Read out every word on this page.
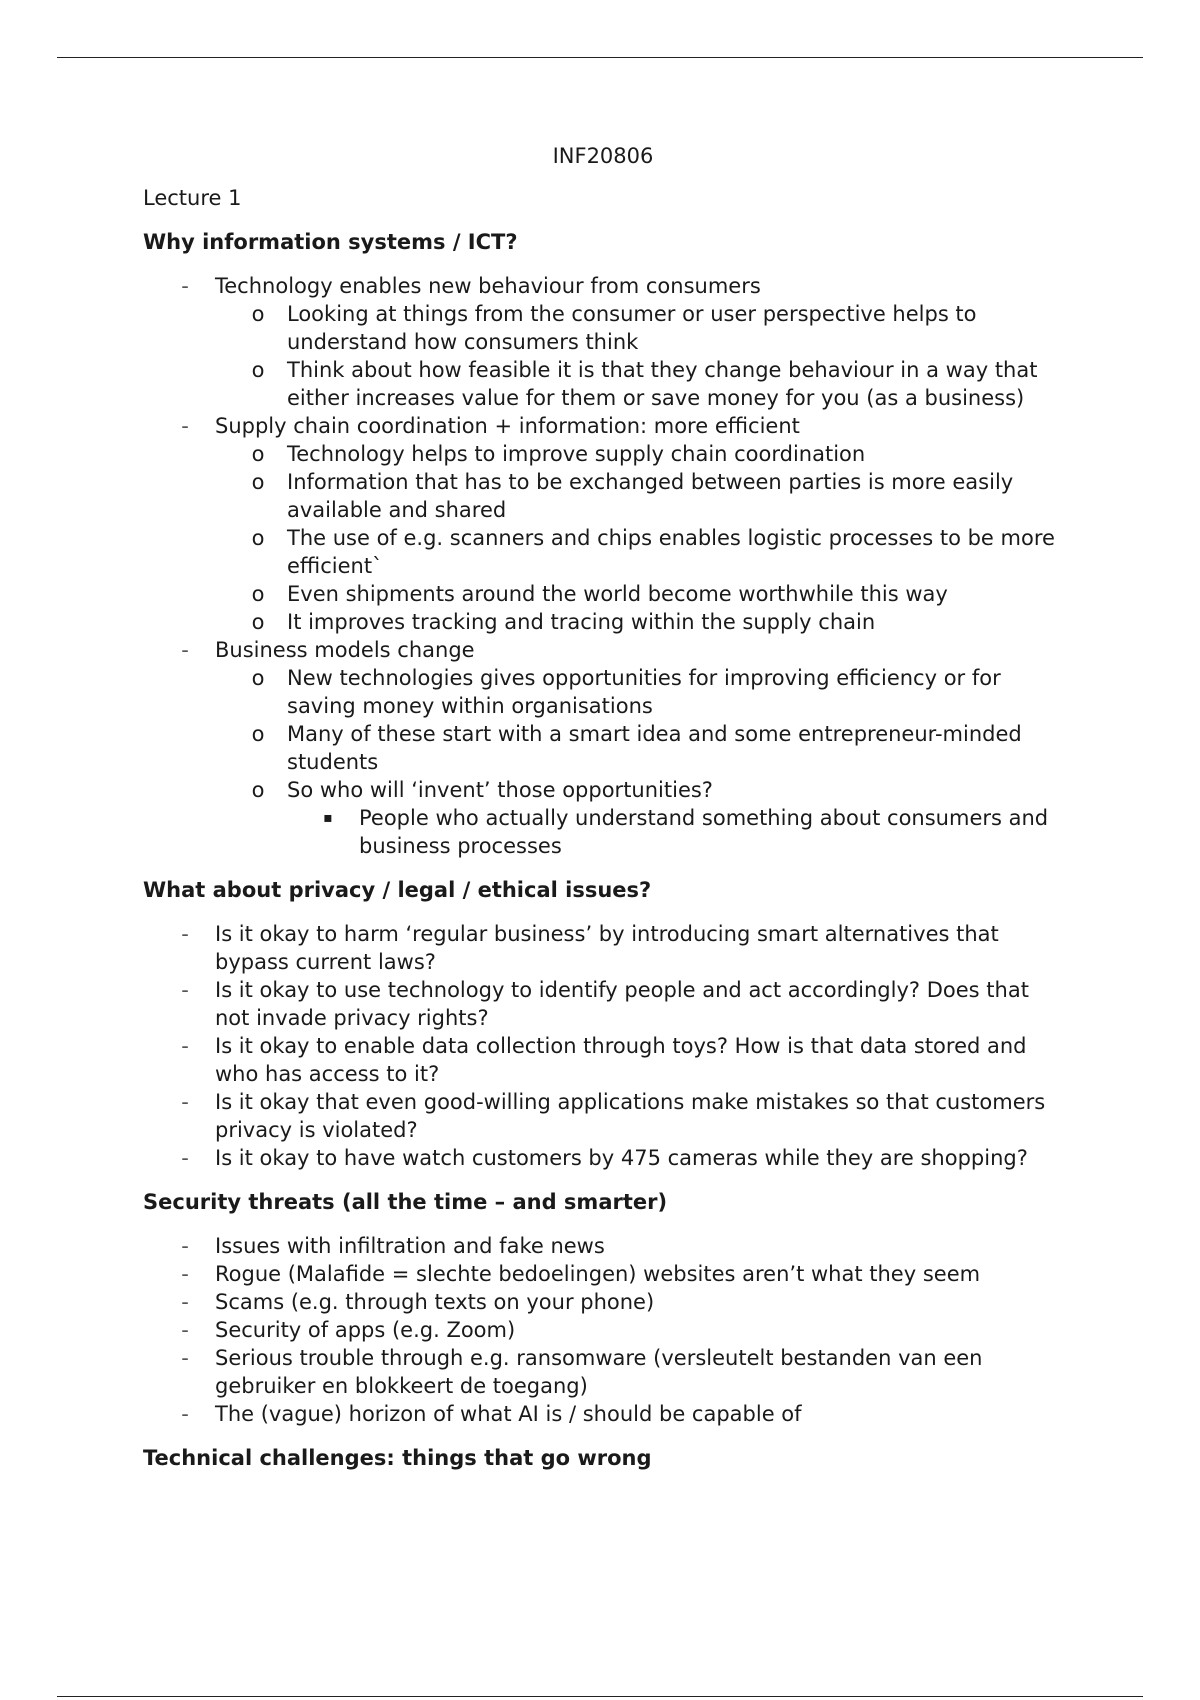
INF20806
Lecture 1
Why information systems / ICT?
- Technology enables new behaviour from consumers
o Looking at things from the consumer or user perspective helps to understand how consumers think
o Think about how feasible it is that they change behaviour in a way that either increases value for them or save money for you (as a business)
- Supply chain coordination + information: more efficient
o Technology helps to improve supply chain coordination
o Information that has to be exchanged between parties is more easily available and shared
o The use of e.g. scanners and chips enables logistic processes to be more efficient`
o Even shipments around the world become worthwhile this way
o It improves tracking and tracing within the supply chain
- Business models change
o New technologies gives opportunities for improving efficiency or for saving money within organisations
o Many of these start with a smart idea and some entrepreneur-minded students
o So who will ‘invent’ those opportunities?
▪ People who actually understand something about consumers and business processes
What about privacy / legal / ethical issues?
- Is it okay to harm ‘regular business’ by introducing smart alternatives that bypass current laws?
- Is it okay to use technology to identify people and act accordingly? Does that not invade privacy rights?
- Is it okay to enable data collection through toys? How is that data stored and who has access to it?
- Is it okay that even good-willing applications make mistakes so that customers privacy is violated?
- Is it okay to have watch customers by 475 cameras while they are shopping?
Security threats (all the time – and smarter)
- Issues with infiltration and fake news
- Rogue (Malafide = slechte bedoelingen) websites aren’t what they seem
- Scams (e.g. through texts on your phone)
- Security of apps (e.g. Zoom)
- Serious trouble through e.g. ransomware (versleutelt bestanden van een gebruiker en blokkeert de toegang)
- The (vague) horizon of what AI is / should be capable of
Technical challenges: things that go wrong
